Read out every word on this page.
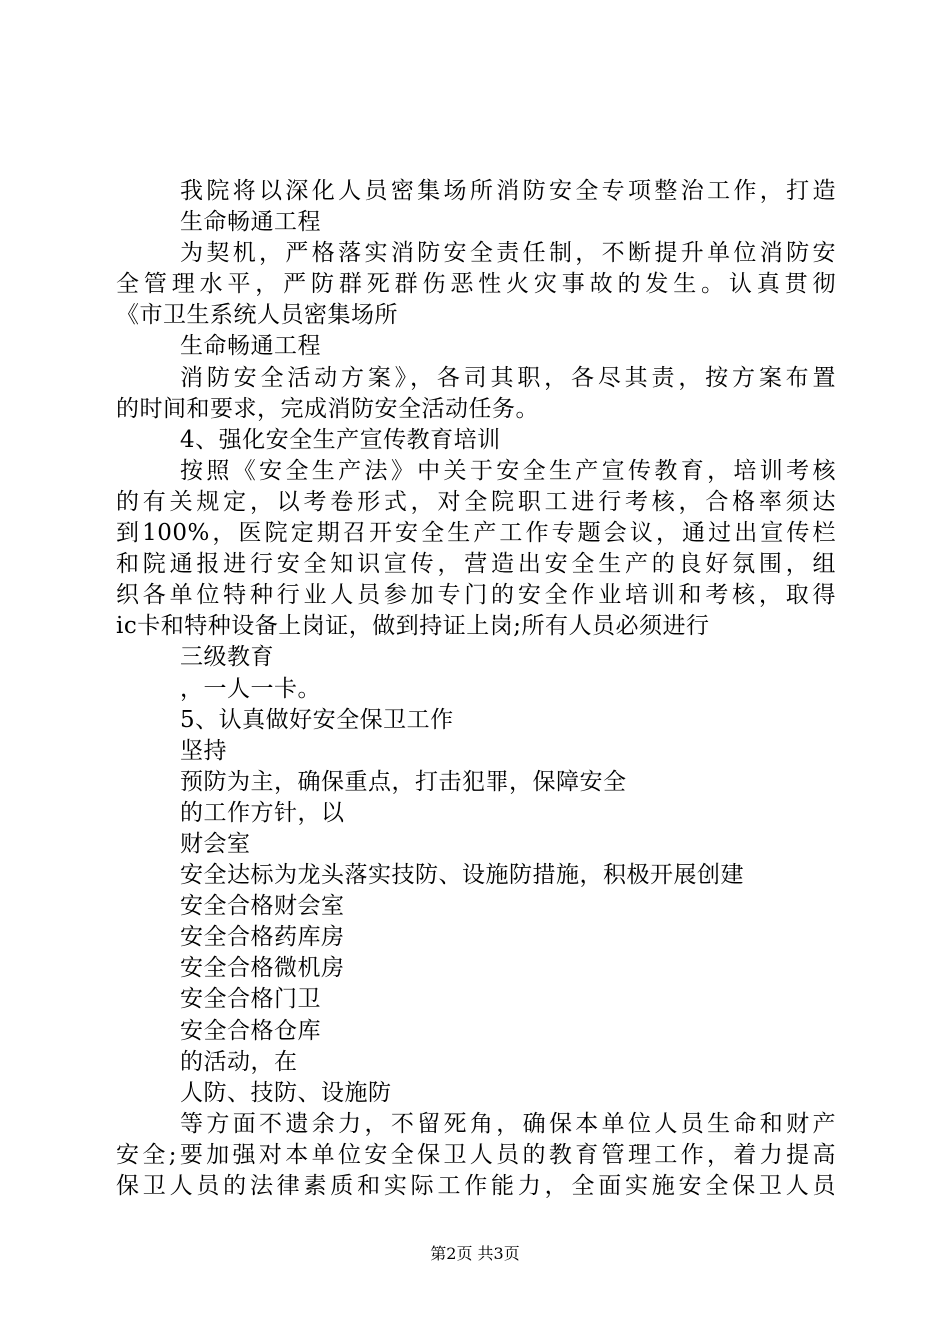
我院将以深化人员密集场所消防安全专项整治工作，打造
生命畅通工程
为契机，严格落实消防安全责任制，不断提升单位消防安
全管理水平，严防群死群伤恶性火灾事故的发生。认真贯彻
《市卫生系统人员密集场所
生命畅通工程
消防安全活动方案》，各司其职，各尽其责，按方案布置
的时间和要求，完成消防安全活动任务。
4、强化安全生产宣传教育培训
按照《安全生产法》中关于安全生产宣传教育，培训考核
的有关规定，以考卷形式，对全院职工进行考核，合格率须达
到100%，医院定期召开安全生产工作专题会议，通过出宣传栏
和院通报进行安全知识宣传，营造出安全生产的良好氛围，组
织各单位特种行业人员参加专门的安全作业培训和考核，取得
ic卡和特种设备上岗证，做到持证上岗;所有人员必须进行
三级教育
，一人一卡。
5、认真做好安全保卫工作
坚持
预防为主，确保重点，打击犯罪，保障安全
的工作方针，以
财会室
安全达标为龙头落实技防、设施防措施，积极开展创建
安全合格财会室
安全合格药库房
安全合格微机房
安全合格门卫
安全合格仓库
的活动，在
人防、技防、设施防
等方面不遗余力，不留死角，确保本单位人员生命和财产
安全;要加强对本单位安全保卫人员的教育管理工作，着力提高
保卫人员的法律素质和实际工作能力，全面实施安全保卫人员
第2页 共3页
